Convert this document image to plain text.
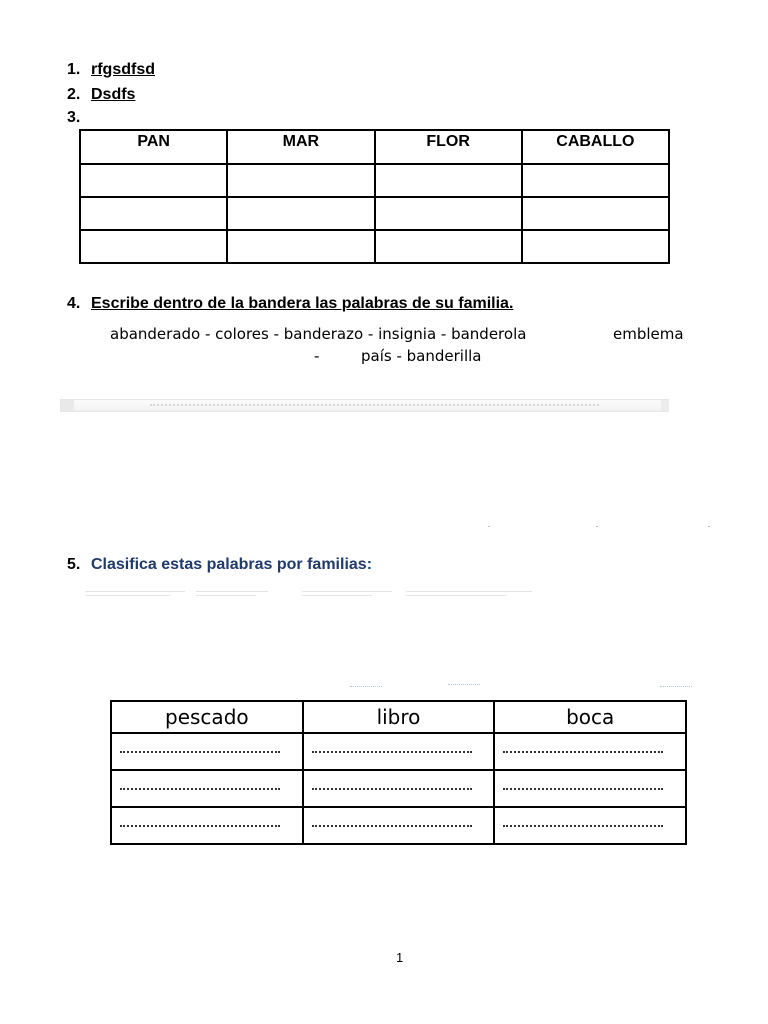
1. rfgsdfsd
2. Dsdfs
3.
PAN	MAR	FLOR	CABALLO

4. Escribe dentro de la bandera las palabras de su familia.
abanderado - colores - banderazo - insignia - banderola	emblema
-	país - banderilla
5. Clasifica estas palabras por familias:
pescado	libro	boca

1
